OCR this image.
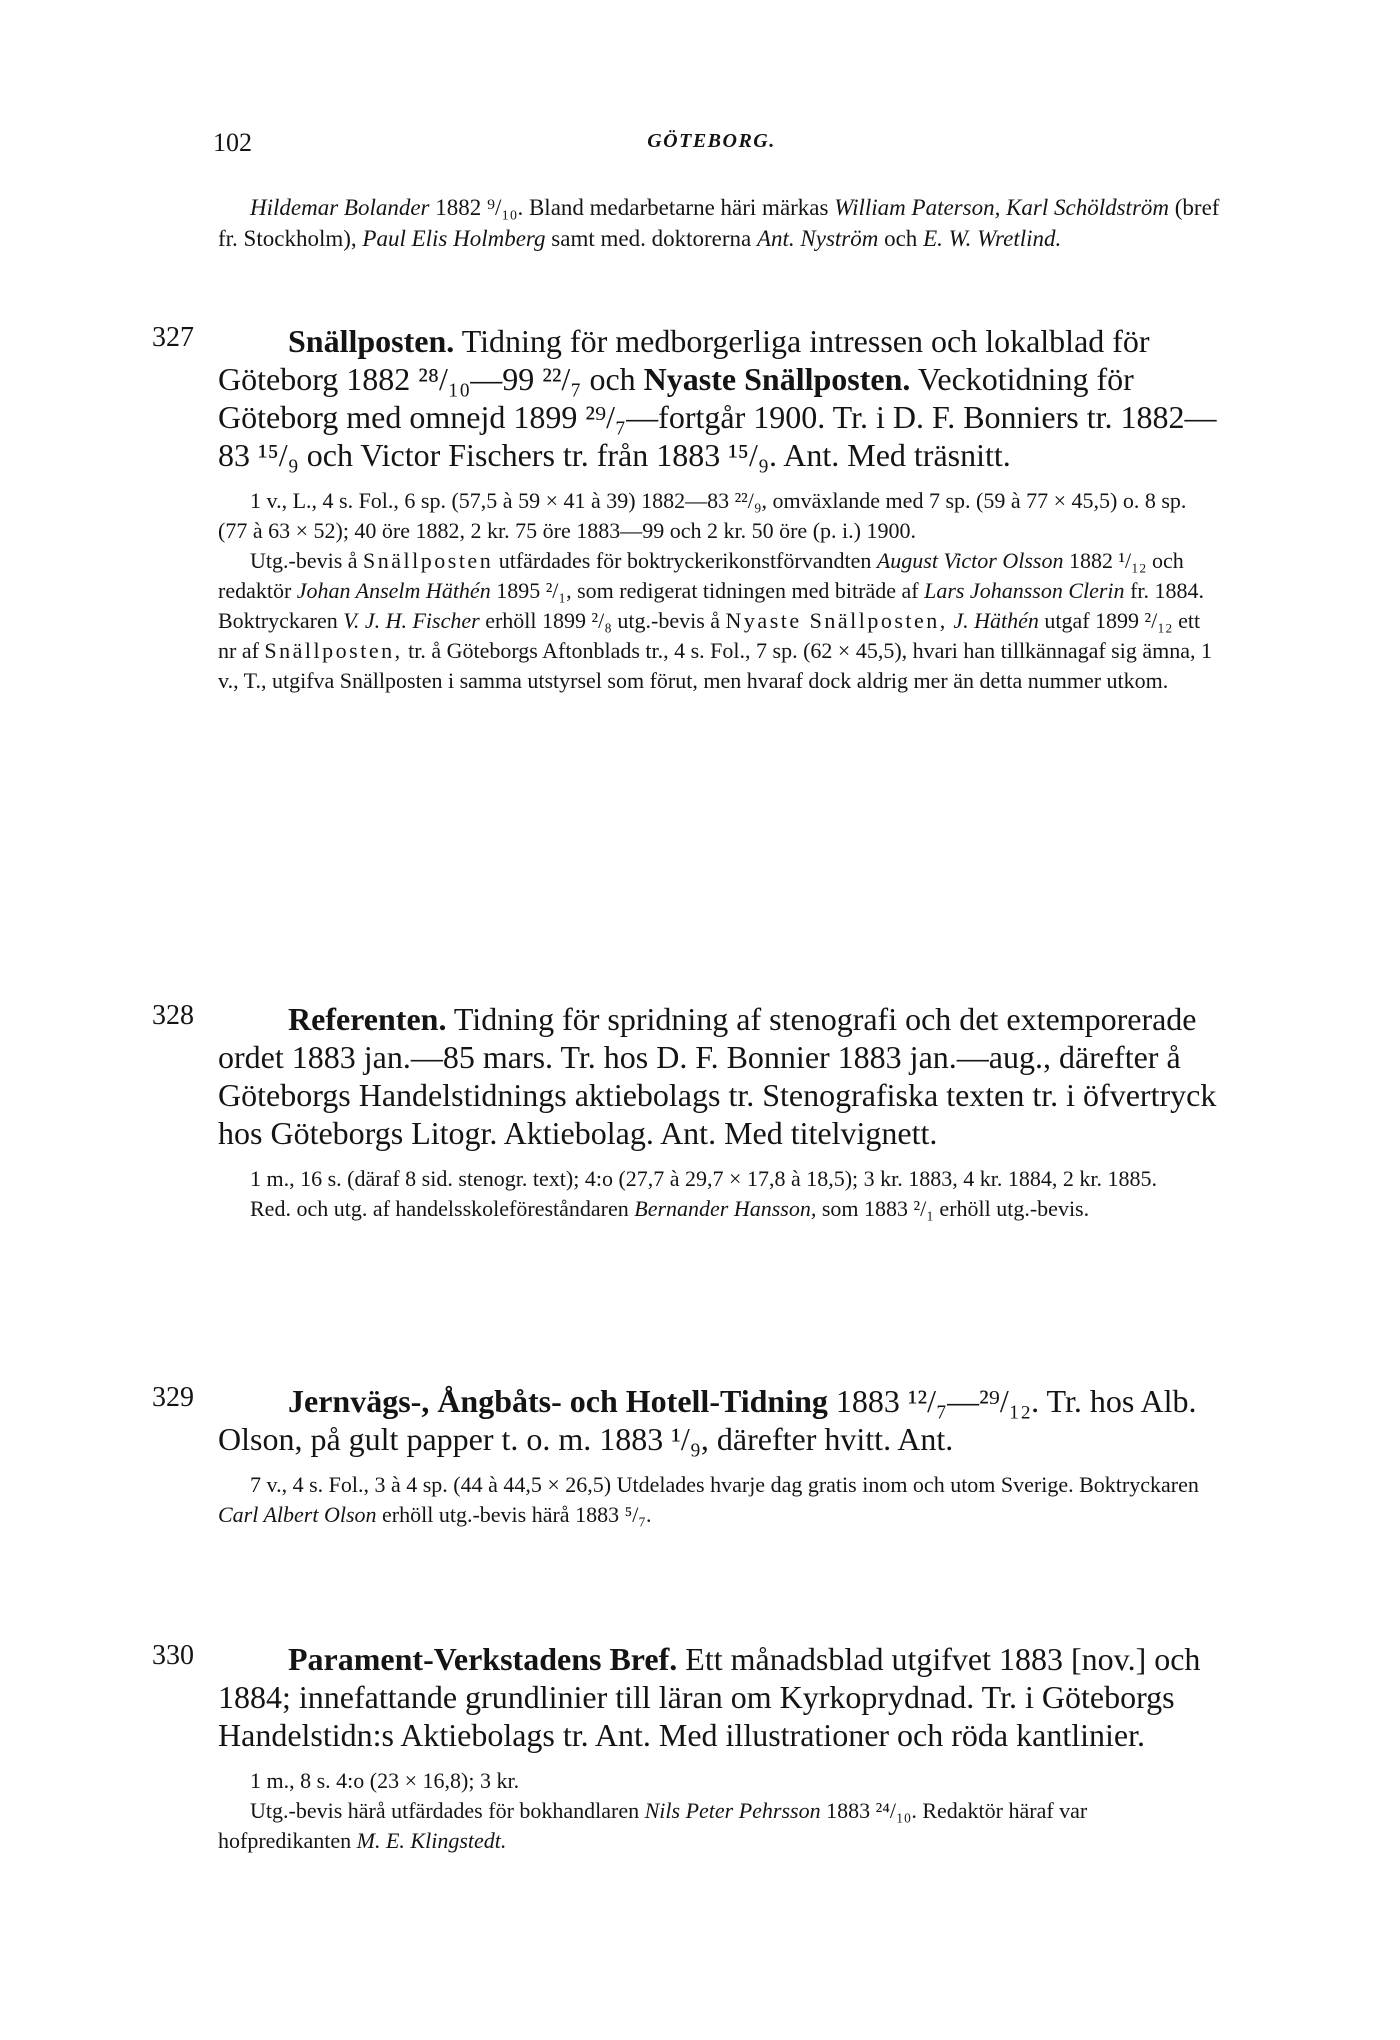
102	GÖTEBORG.

Hildemar Bolander 1882 ⁹/₁₀. Bland medarbetarne häri märkas William Paterson, Karl Schöldström (bref fr. Stockholm), Paul Elis Holmberg samt med. doktorerna Ant. Nyström och E. W. Wretlind.

327	Snällposten. Tidning för medborgerliga intressen och lokalblad för Göteborg 1882 ²⁸/₁₀—99 ²²/₇ och Nyaste Snällposten. Veckotidning för Göteborg med omnejd 1899 ²⁹/₇—fortgår 1900. Tr. i D. F. Bonniers tr. 1882—83 ¹⁵/₉ och Victor Fischers tr. från 1883 ¹⁵/₉. Ant. Med träsnitt.

1 v., L., 4 s. Fol., 6 sp. (57,5 à 59 × 41 à 39) 1882—83 ²²/₉, omväxlande med 7 sp. (59 à 77 × 45,5) o. 8 sp. (77 à 63 × 52); 40 öre 1882, 2 kr. 75 öre 1883—99 och 2 kr. 50 öre (p. i.) 1900.

Utg.-bevis å Snällposten utfärdades för boktryckerikonstförvandten August Victor Olsson 1882 ¹/₁₂ och redaktör Johan Anselm Häthén 1895 ²/₁, som redigerat tidningen med biträde af Lars Johansson Clerin fr. 1884. Boktryckaren V. J. H. Fischer erhöll 1899 ²/₈ utg.-bevis å Nyaste Snällposten, J. Häthén utgaf 1899 ²/₁₂ ett nr af Snällposten, tr. å Göteborgs Aftonblads tr., 4 s. Fol., 7 sp. (62 × 45,5), hvari han tillkännagaf sig ämna, 1 v., T., utgifva Snällposten i samma utstyrsel som förut, men hvaraf dock aldrig mer än detta nummer utkom.

328	Referenten. Tidning för spridning af stenografi och det extemporerade ordet 1883 jan.—85 mars. Tr. hos D. F. Bonnier 1883 jan.—aug., därefter å Göteborgs Handelstidnings aktiebolags tr. Stenografiska texten tr. i öfvertryck hos Göteborgs Litogr. Aktiebolag. Ant. Med titelvignett.

1 m., 16 s. (däraf 8 sid. stenogr. text); 4:o (27,7 à 29,7 × 17,8 à 18,5); 3 kr. 1883, 4 kr. 1884, 2 kr. 1885.

Red. och utg. af handelsskoleföreståndaren Bernander Hansson, som 1883 ²/₁ erhöll utg.-bevis.

329	Jernvägs-, Ångbåts- och Hotell-Tidning 1883 ¹²/₇—²⁹/₁₂. Tr. hos Alb. Olson, på gult papper t. o. m. 1883 ¹/₉, därefter hvitt. Ant.

7 v., 4 s. Fol., 3 à 4 sp. (44 à 44,5 × 26,5) Utdelades hvarje dag gratis inom och utom Sverige. Boktryckaren Carl Albert Olson erhöll utg.-bevis härå 1883 ⁵/₇.

330	Parament-Verkstadens Bref. Ett månadsblad utgifvet 1883 [nov.] och 1884; innefattande grundlinier till läran om Kyrkoprydnad. Tr. i Göteborgs Handelstidn:s Aktiebolags tr. Ant. Med illustrationer och röda kantlinier.

1 m., 8 s. 4:o (23 × 16,8); 3 kr.

Utg.-bevis härå utfärdades för bokhandlaren Nils Peter Pehrsson 1883 ²⁴/₁₀. Redaktör häraf var hofpredikanten M. E. Klingstedt.
